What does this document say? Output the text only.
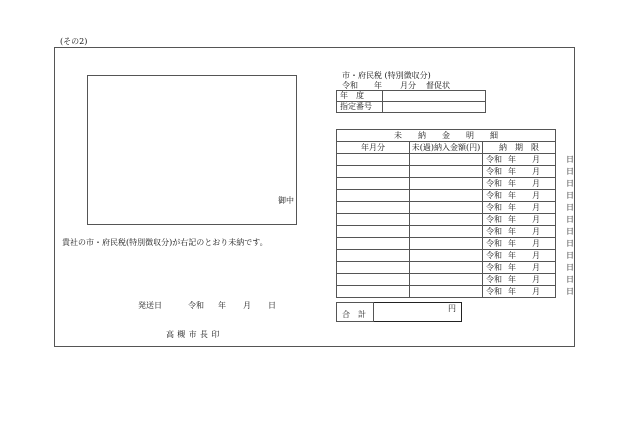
(その2)
御中
貴社の市・府民税(特別徴収分)が右記のとおり未納です。
発送日	令和 年 月 日
高槻市長印
市・府民税 (特別徴収分)
令和 年 月分 督促状
年　度	
指定番号	
未　　納　　金　　明　　細		
年月分	未(過)納入金額(円)	納　期　限

		令和 年 月 日

		令和 年 月 日

		令和 年 月 日

		令和 年 月 日

		令和 年 月 日

		令和 年 月 日

		令和 年 月 日

		令和 年 月 日

		令和 年 月 日

		令和 年 月 日

		令和 年 月 日

		令和 年 月 日
合　計

円
